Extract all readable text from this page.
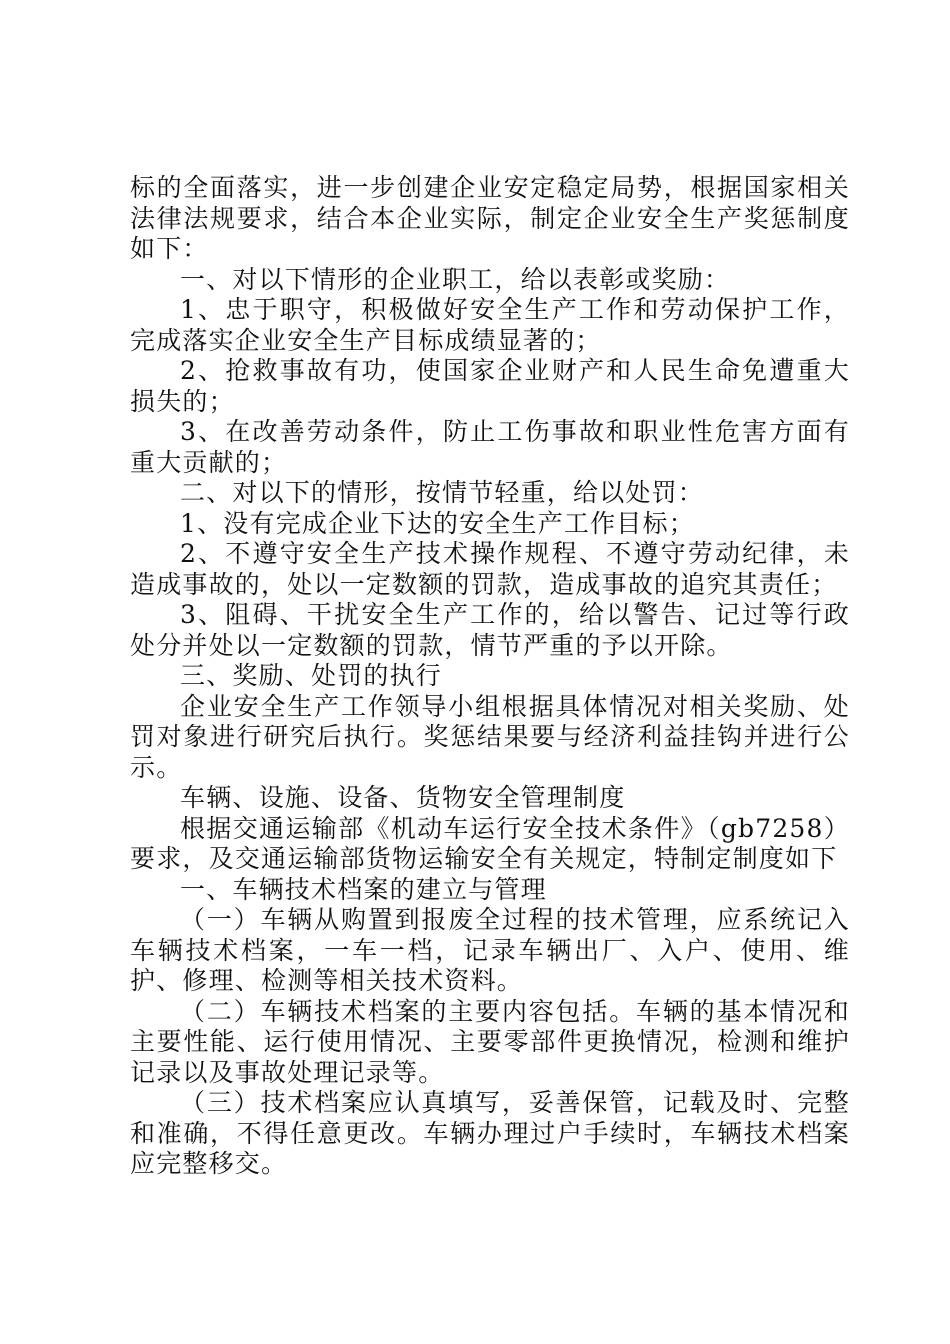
标的全面落实，进一步创建企业安定稳定局势，根据国家相关法律法规要求，结合本企业实际，制定企业安全生产奖惩制度如下：

一、对以下情形的企业职工，给以表彰或奖励：

1、忠于职守，积极做好安全生产工作和劳动保护工作，完成落实企业安全生产目标成绩显著的；

2、抢救事故有功，使国家企业财产和人民生命免遭重大损失的；

3、在改善劳动条件，防止工伤事故和职业性危害方面有重大贡献的；

二、对以下的情形，按情节轻重，给以处罚：

1、没有完成企业下达的安全生产工作目标；

2、不遵守安全生产技术操作规程、不遵守劳动纪律，未造成事故的，处以一定数额的罚款，造成事故的追究其责任；

3、阻碍、干扰安全生产工作的，给以警告、记过等行政处分并处以一定数额的罚款，情节严重的予以开除。

三、奖励、处罚的执行

企业安全生产工作领导小组根据具体情况对相关奖励、处罚对象进行研究后执行。奖惩结果要与经济利益挂钩并进行公示。

车辆、设施、设备、货物安全管理制度

根据交通运输部《机动车运行安全技术条件》（gb7258）要求，及交通运输部货物运输安全有关规定，特制定制度如下

一、车辆技术档案的建立与管理

（一）车辆从购置到报废全过程的技术管理，应系统记入车辆技术档案，一车一档，记录车辆出厂、入户、使用、维护、修理、检测等相关技术资料。

（二）车辆技术档案的主要内容包括。车辆的基本情况和主要性能、运行使用情况、主要零部件更换情况，检测和维护记录以及事故处理记录等。

（三）技术档案应认真填写，妥善保管，记载及时、完整和准确，不得任意更改。车辆办理过户手续时，车辆技术档案应完整移交。
